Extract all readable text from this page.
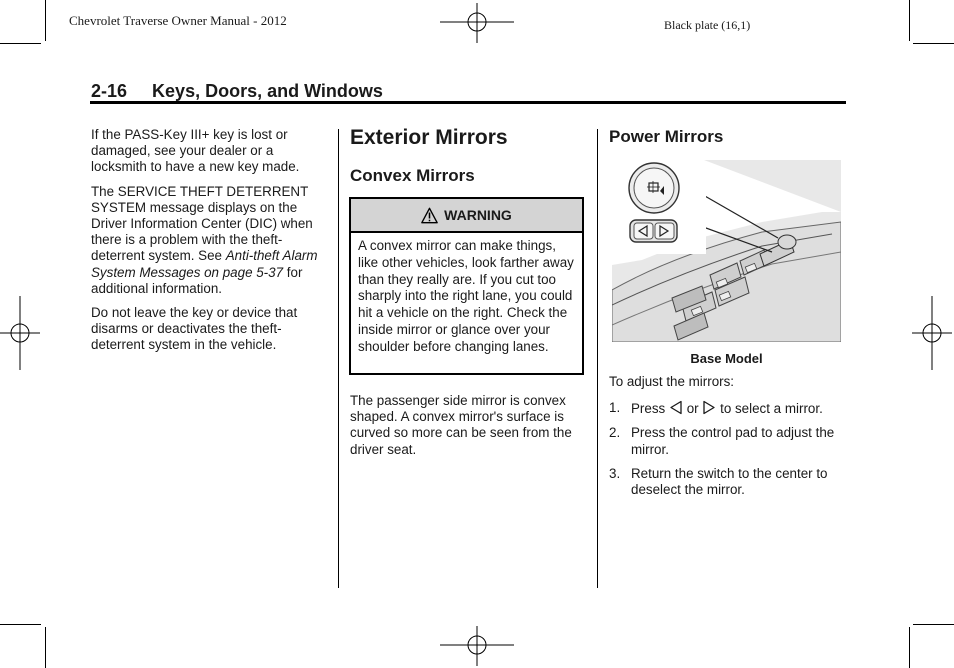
Chevrolet Traverse Owner Manual - 2012	Black plate (16,1)
2-16 Keys, Doors, and Windows

If the PASS-Key III+ key is lost or damaged, see your dealer or a locksmith to have a new key made.

The SERVICE THEFT DETERRENT SYSTEM message displays on the Driver Information Center (DIC) when there is a problem with the theft-deterrent system. See Anti-theft Alarm System Messages on page 5-37 for additional information.

Do not leave the key or device that disarms or deactivates the theft-deterrent system in the vehicle.

Exterior Mirrors
Convex Mirrors
WARNING
A convex mirror can make things, like other vehicles, look farther away than they really are. If you cut too sharply into the right lane, you could hit a vehicle on the right. Check the inside mirror or glance over your shoulder before changing lanes.

The passenger side mirror is convex shaped. A convex mirror's surface is curved so more can be seen from the driver seat.

Power Mirrors
Base Model

To adjust the mirrors:

1. Press or to select a mirror.
2. Press the control pad to adjust the mirror.
3. Return the switch to the center to deselect the mirror.
